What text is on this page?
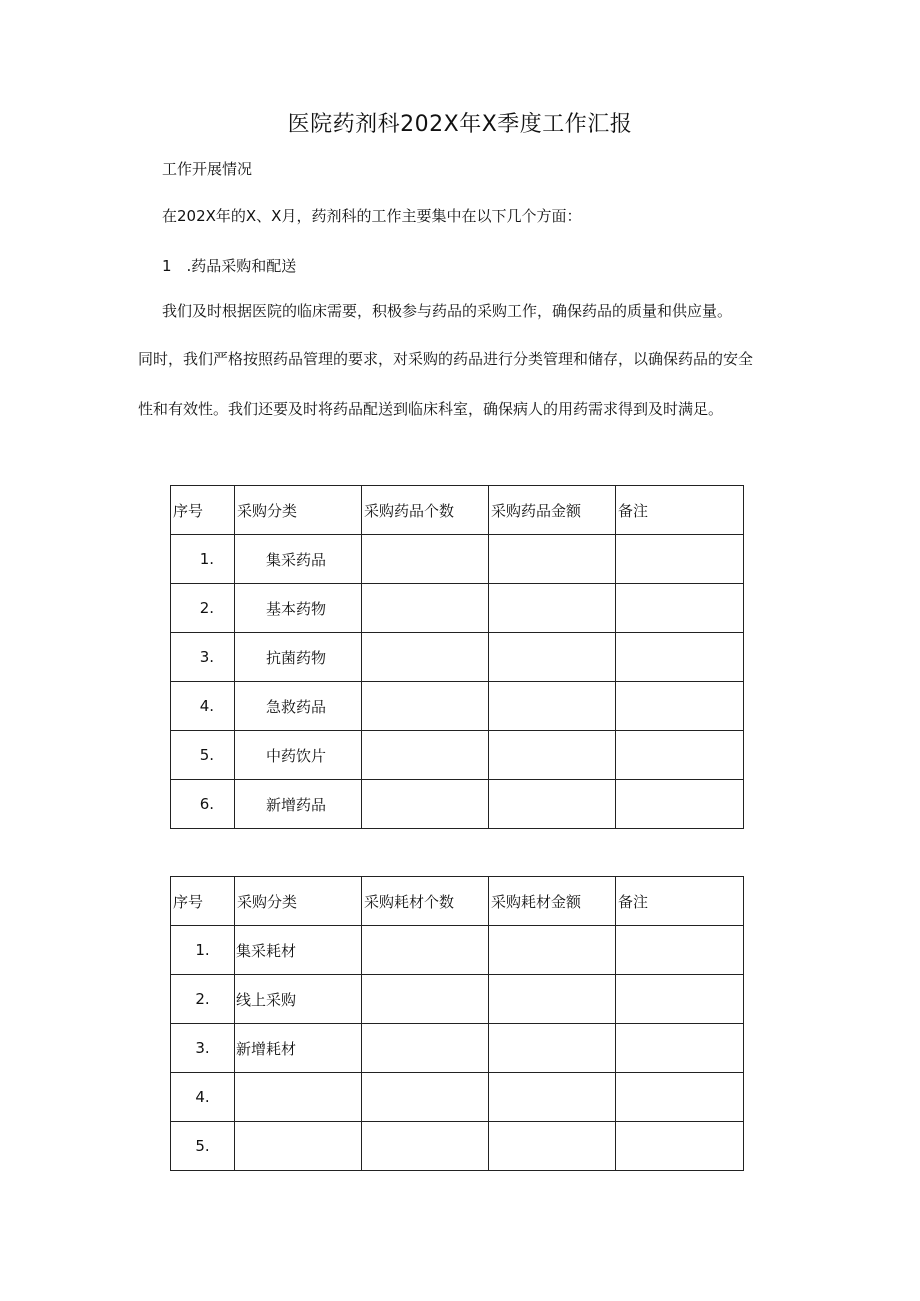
医院药剂科202X年X季度工作汇报
工作开展情况
在202X年的X、X月，药剂科的工作主要集中在以下几个方面：
1　.药品采购和配送
我们及时根据医院的临床需要，积极参与药品的采购工作，确保药品的质量和供应量。
同时，我们严格按照药品管理的要求，对采购的药品进行分类管理和储存，以确保药品的安全
性和有效性。我们还要及时将药品配送到临床科室，确保病人的用药需求得到及时满足。
序号	采购分类	采购药品个数	采购药品金额	备注
1.	集采药品			
2.	基本药物			
3.	抗菌药物			
4.	急救药品			
5.	中药饮片			
6.	新增药品			
序号	采购分类	采购耗材个数	采购耗材金额	备注
1.	集采耗材			
2.	线上采购			
3.	新增耗材			
4.				
5.				
